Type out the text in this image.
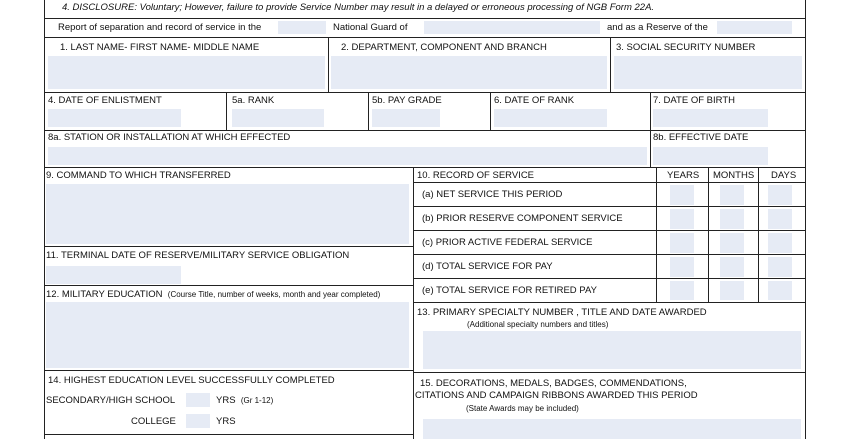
4. DISCLOSURE: Voluntary; However, failure to provide Service Number may result in a delayed or erroneous processing of NGB Form 22A.
Report of separation and record of service in the	National Guard of	and as a Reserve of the
1. LAST NAME- FIRST NAME- MIDDLE NAME	2. DEPARTMENT, COMPONENT AND BRANCH	3. SOCIAL SECURITY NUMBER
4. DATE OF ENLISTMENT	5a. RANK	5b. PAY GRADE	6. DATE OF RANK	7. DATE OF BIRTH
8a. STATION OR INSTALLATION AT WHICH EFFECTED	8b. EFFECTIVE DATE
9. COMMAND TO WHICH TRANSFERRED
11. TERMINAL DATE OF RESERVE/MILITARY SERVICE OBLIGATION
12. MILITARY EDUCATION (Course Title, number of weeks, month and year completed)
14. HIGHEST EDUCATION LEVEL SUCCESSFULLY COMPLETED
SECONDARY/HIGH SCHOOL	YRS (Gr 1-12)
COLLEGE	YRS
10. RECORD OF SERVICE	YEARS MONTHS DAYS
(a) NET SERVICE THIS PERIOD
(b) PRIOR RESERVE COMPONENT SERVICE
(c) PRIOR ACTIVE FEDERAL SERVICE
(d) TOTAL SERVICE FOR PAY
(e) TOTAL SERVICE FOR RETIRED PAY
13. PRIMARY SPECIALTY NUMBER , TITLE AND DATE AWARDED
(Additional specialty numbers and titles)
15. DECORATIONS, MEDALS, BADGES, COMMENDATIONS,
CITATIONS AND CAMPAIGN RIBBONS AWARDED THIS PERIOD
(State Awards may be included)
